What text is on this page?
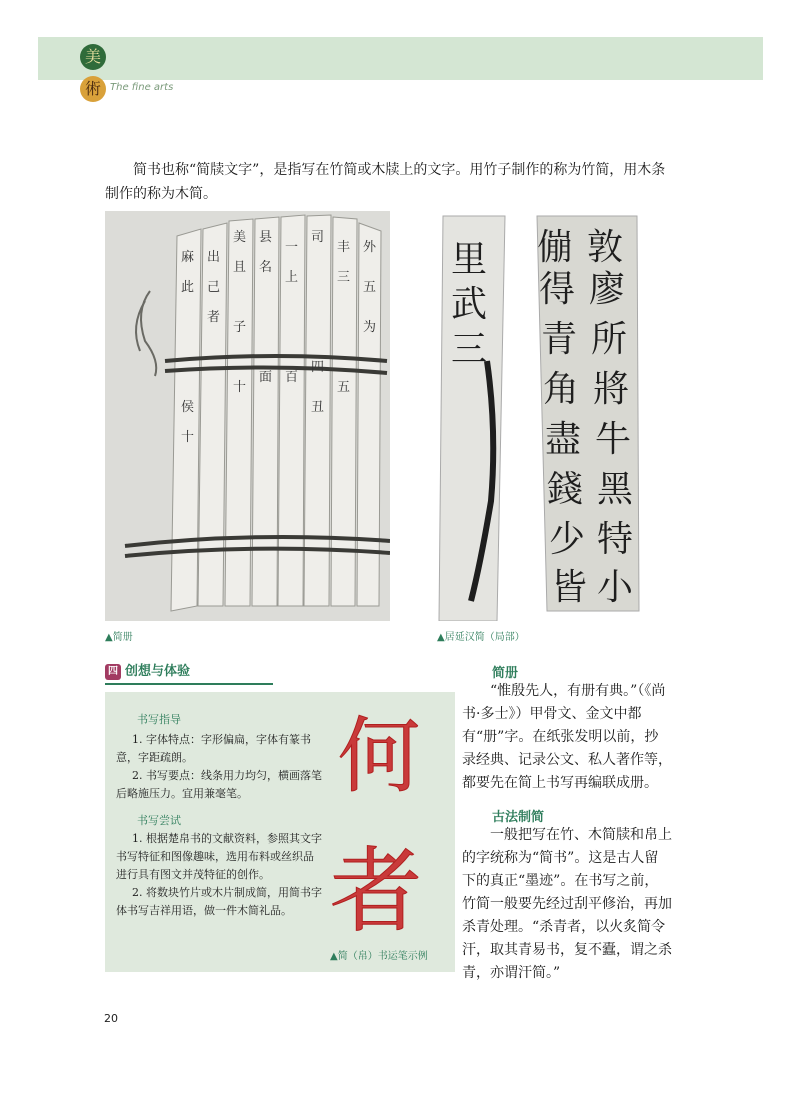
美
術 The fine arts

简书也称“简牍文字”，是指写在竹简或木牍上的文字。用竹子制作的称为竹简，用木条制作的称为木简。

麻
此
侯
十
出
己
者
美
且
子
十
县
名
面
一
上
百
司
四
丑
丰
三
五
外
五
为
里
武
三
傰 敦
得 廖
青 所
角 將
盡 牛
錢 黑
少 特
皆 小
▲简册	▲居延汉简（局部）
四 创想与体验
书写指导
1. 字体特点：字形偏扁，字体有篆书意，字距疏朗。
2. 书写要点：线条用力均匀，横画落笔后略施压力。宜用兼毫笔。
书写尝试
1. 根据楚帛书的文献资料，参照其文字书写特征和图像趣味，选用布料或丝织品进行具有图文并茂特征的创作。
2. 将数块竹片或木片制成简，用简书字体书写吉祥用语，做一件木简礼品。
何
者
▲简（帛）书运笔示例
简册

“惟殷先人，有册有典。”（《尚书·多士》）甲骨文、金文中都有“册”字。在纸张发明以前，抄录经典、记录公文、私人著作等，都要先在简上书写再编联成册。

古法制简

一般把写在竹、木简牍和帛上的字统称为“简书”。这是古人留下的真正“墨迹”。在书写之前，竹简一般要先经过刮平修治，再加杀青处理。“杀青者，以火炙简令汗，取其青易书，复不蠹，谓之杀青，亦谓汗简。”

20
